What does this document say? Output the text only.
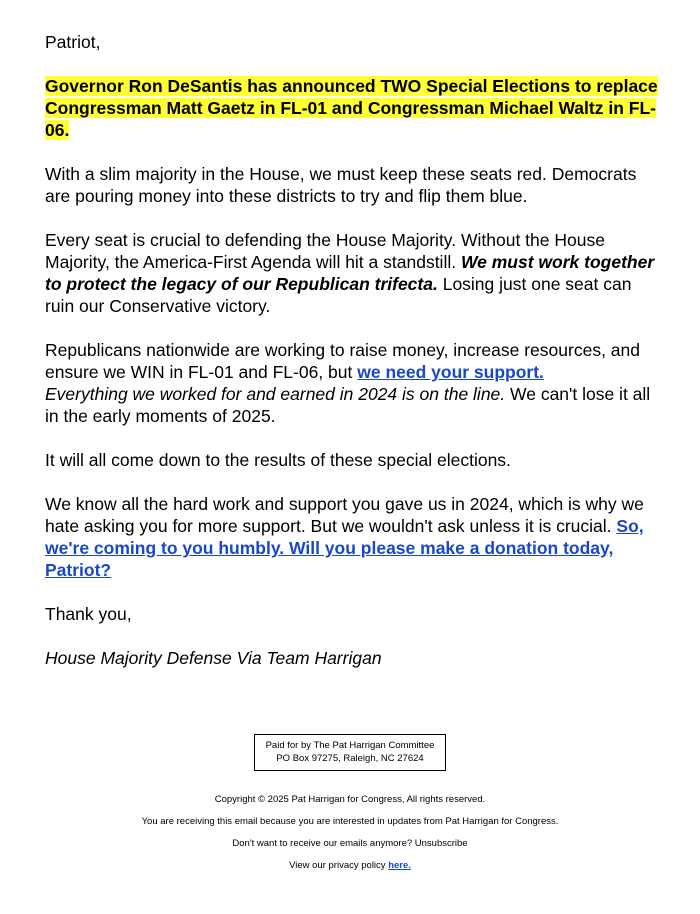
Patriot,

Governor Ron DeSantis has announced TWO Special Elections to replace Congressman Matt Gaetz in FL-01 and Congressman Michael Waltz in FL-06.

With a slim majority in the House, we must keep these seats red. Democrats are pouring money into these districts to try and flip them blue.

Every seat is crucial to defending the House Majority. Without the House Majority, the America-First Agenda will hit a standstill. We must work together to protect the legacy of our Republican trifecta. Losing just one seat can ruin our Conservative victory.

Republicans nationwide are working to raise money, increase resources, and ensure we WIN in FL-01 and FL-06, but we need your support.
Everything we worked for and earned in 2024 is on the line. We can't lose it all in the early moments of 2025.

It will all come down to the results of these special elections.

We know all the hard work and support you gave us in 2024, which is why we hate asking you for more support. But we wouldn't ask unless it is crucial. So, we're coming to you humbly. Will you please make a donation today, Patriot?

Thank you,

House Majority Defense Via Team Harrigan

Paid for by The Pat Harrigan Committee
PO Box 97275, Raleigh, NC 27624
Copyright © 2025 Pat Harrigan for Congress, All rights reserved.
You are receiving this email because you are interested in updates from Pat Harrigan for Congress.
Don't want to receive our emails anymore? Unsubscribe
View our privacy policy here.
